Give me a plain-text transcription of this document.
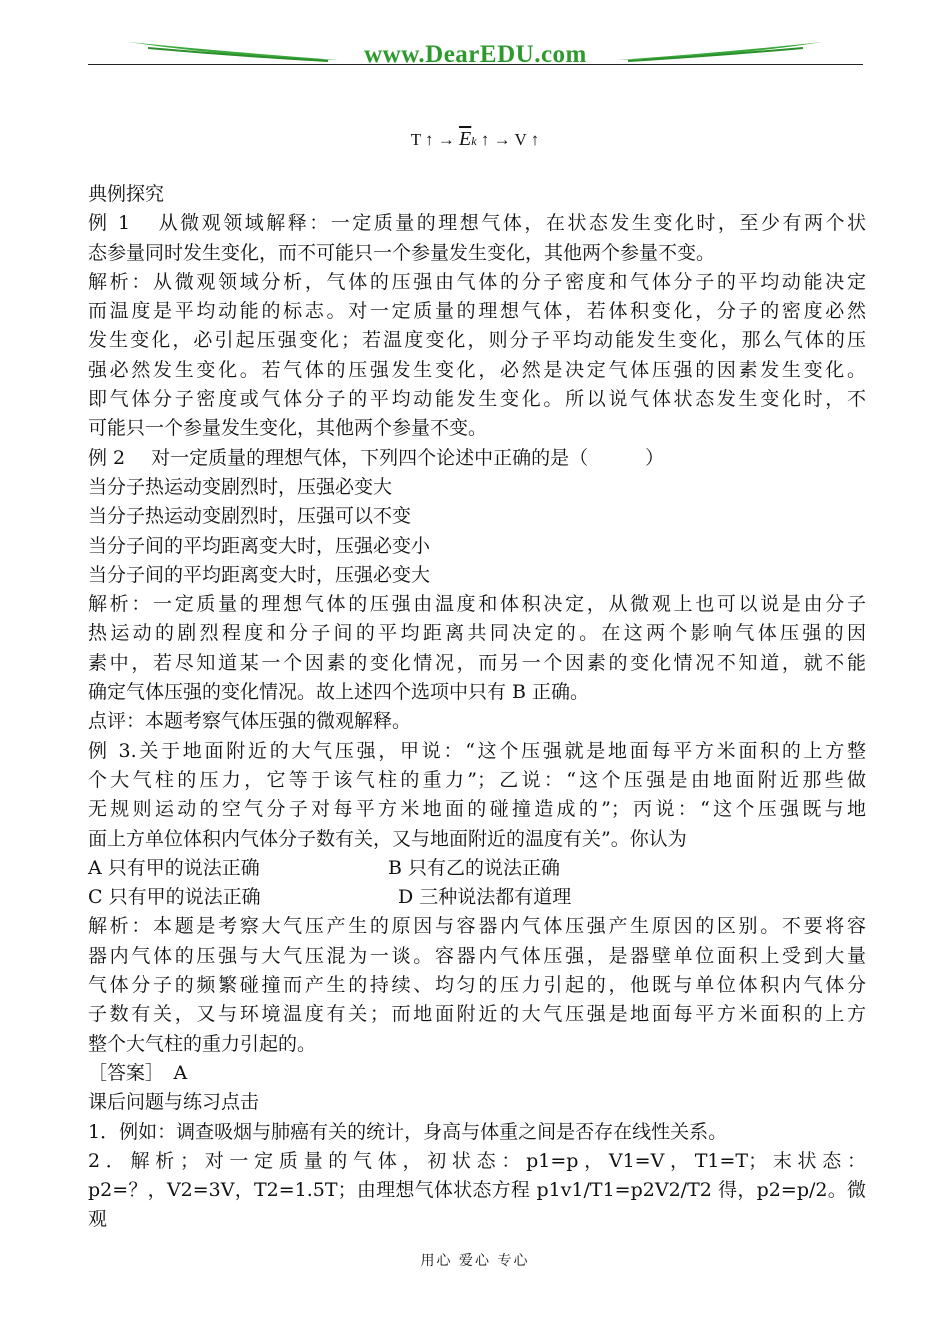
www.DearEDU.com
T ↑ → $\overline{E}k$ ↑ → V ↑
典例探究
例 1 从微观领域解释：一定质量的理想气体，在状态发生变化时，至少有两个状
态参量同时发生变化，而不可能只一个参量发生变化，其他两个参量不变。
解析：从微观领域分析，气体的压强由气体的分子密度和气体分子的平均动能决定
而温度是平均动能的标志。对一定质量的理想气体，若体积变化，分子的密度必然
发生变化，必引起压强变化；若温度变化，则分子平均动能发生变化，那么气体的压
强必然发生变化。若气体的压强发生变化，必然是决定气体压强的因素发生变化。
即气体分子密度或气体分子的平均动能发生变化。所以说气体状态发生变化时，不
可能只一个参量发生变化，其他两个参量不变。
例 2 对一定质量的理想气体，下列四个论述中正确的是（　　　）
当分子热运动变剧烈时，压强必变大
当分子热运动变剧烈时，压强可以不变
当分子间的平均距离变大时，压强必变小
当分子间的平均距离变大时，压强必变大
解析：一定质量的理想气体的压强由温度和体积决定，从微观上也可以说是由分子
热运动的剧烈程度和分子间的平均距离共同决定的。在这两个影响气体压强的因
素中，若尽知道某一个因素的变化情况，而另一个因素的变化情况不知道，就不能
确定气体压强的变化情况。故上述四个选项中只有 B 正确。
点评：本题考察气体压强的微观解释。
例 3.关于地面附近的大气压强，甲说：“这个压强就是地面每平方米面积的上方整
个大气柱的压力，它等于该气柱的重力”；乙说：“这个压强是由地面附近那些做
无规则运动的空气分子对每平方米地面的碰撞造成的”；丙说：“这个压强既与地
面上方单位体积内气体分子数有关，又与地面附近的温度有关”。你认为
A 只有甲的说法正确	B 只有乙的说法正确
C 只有甲的说法正确	D 三种说法都有道理
解析：本题是考察大气压产生的原因与容器内气体压强产生原因的区别。不要将容
器内气体的压强与大气压混为一谈。容器内气体压强，是器壁单位面积上受到大量
气体分子的频繁碰撞而产生的持续、均匀的压力引起的，他既与单位体积内气体分
子数有关，又与环境温度有关；而地面附近的大气压强是地面每平方米面积的上方
整个大气柱的重力引起的。
［答案］　A
课后问题与练习点击
1．例如：调查吸烟与肺癌有关的统计，身高与体重之间是否存在线性关系。
2．解析；对一定质量的气体，初状态：p1=p，V1=V，T1=T；末状态：
p2=？，V2=3V，T2=1.5T；由理想气体状态方程 p1v1/T1=p2V2/T2 得，p2=p/2。微观
用心 爱心 专心
